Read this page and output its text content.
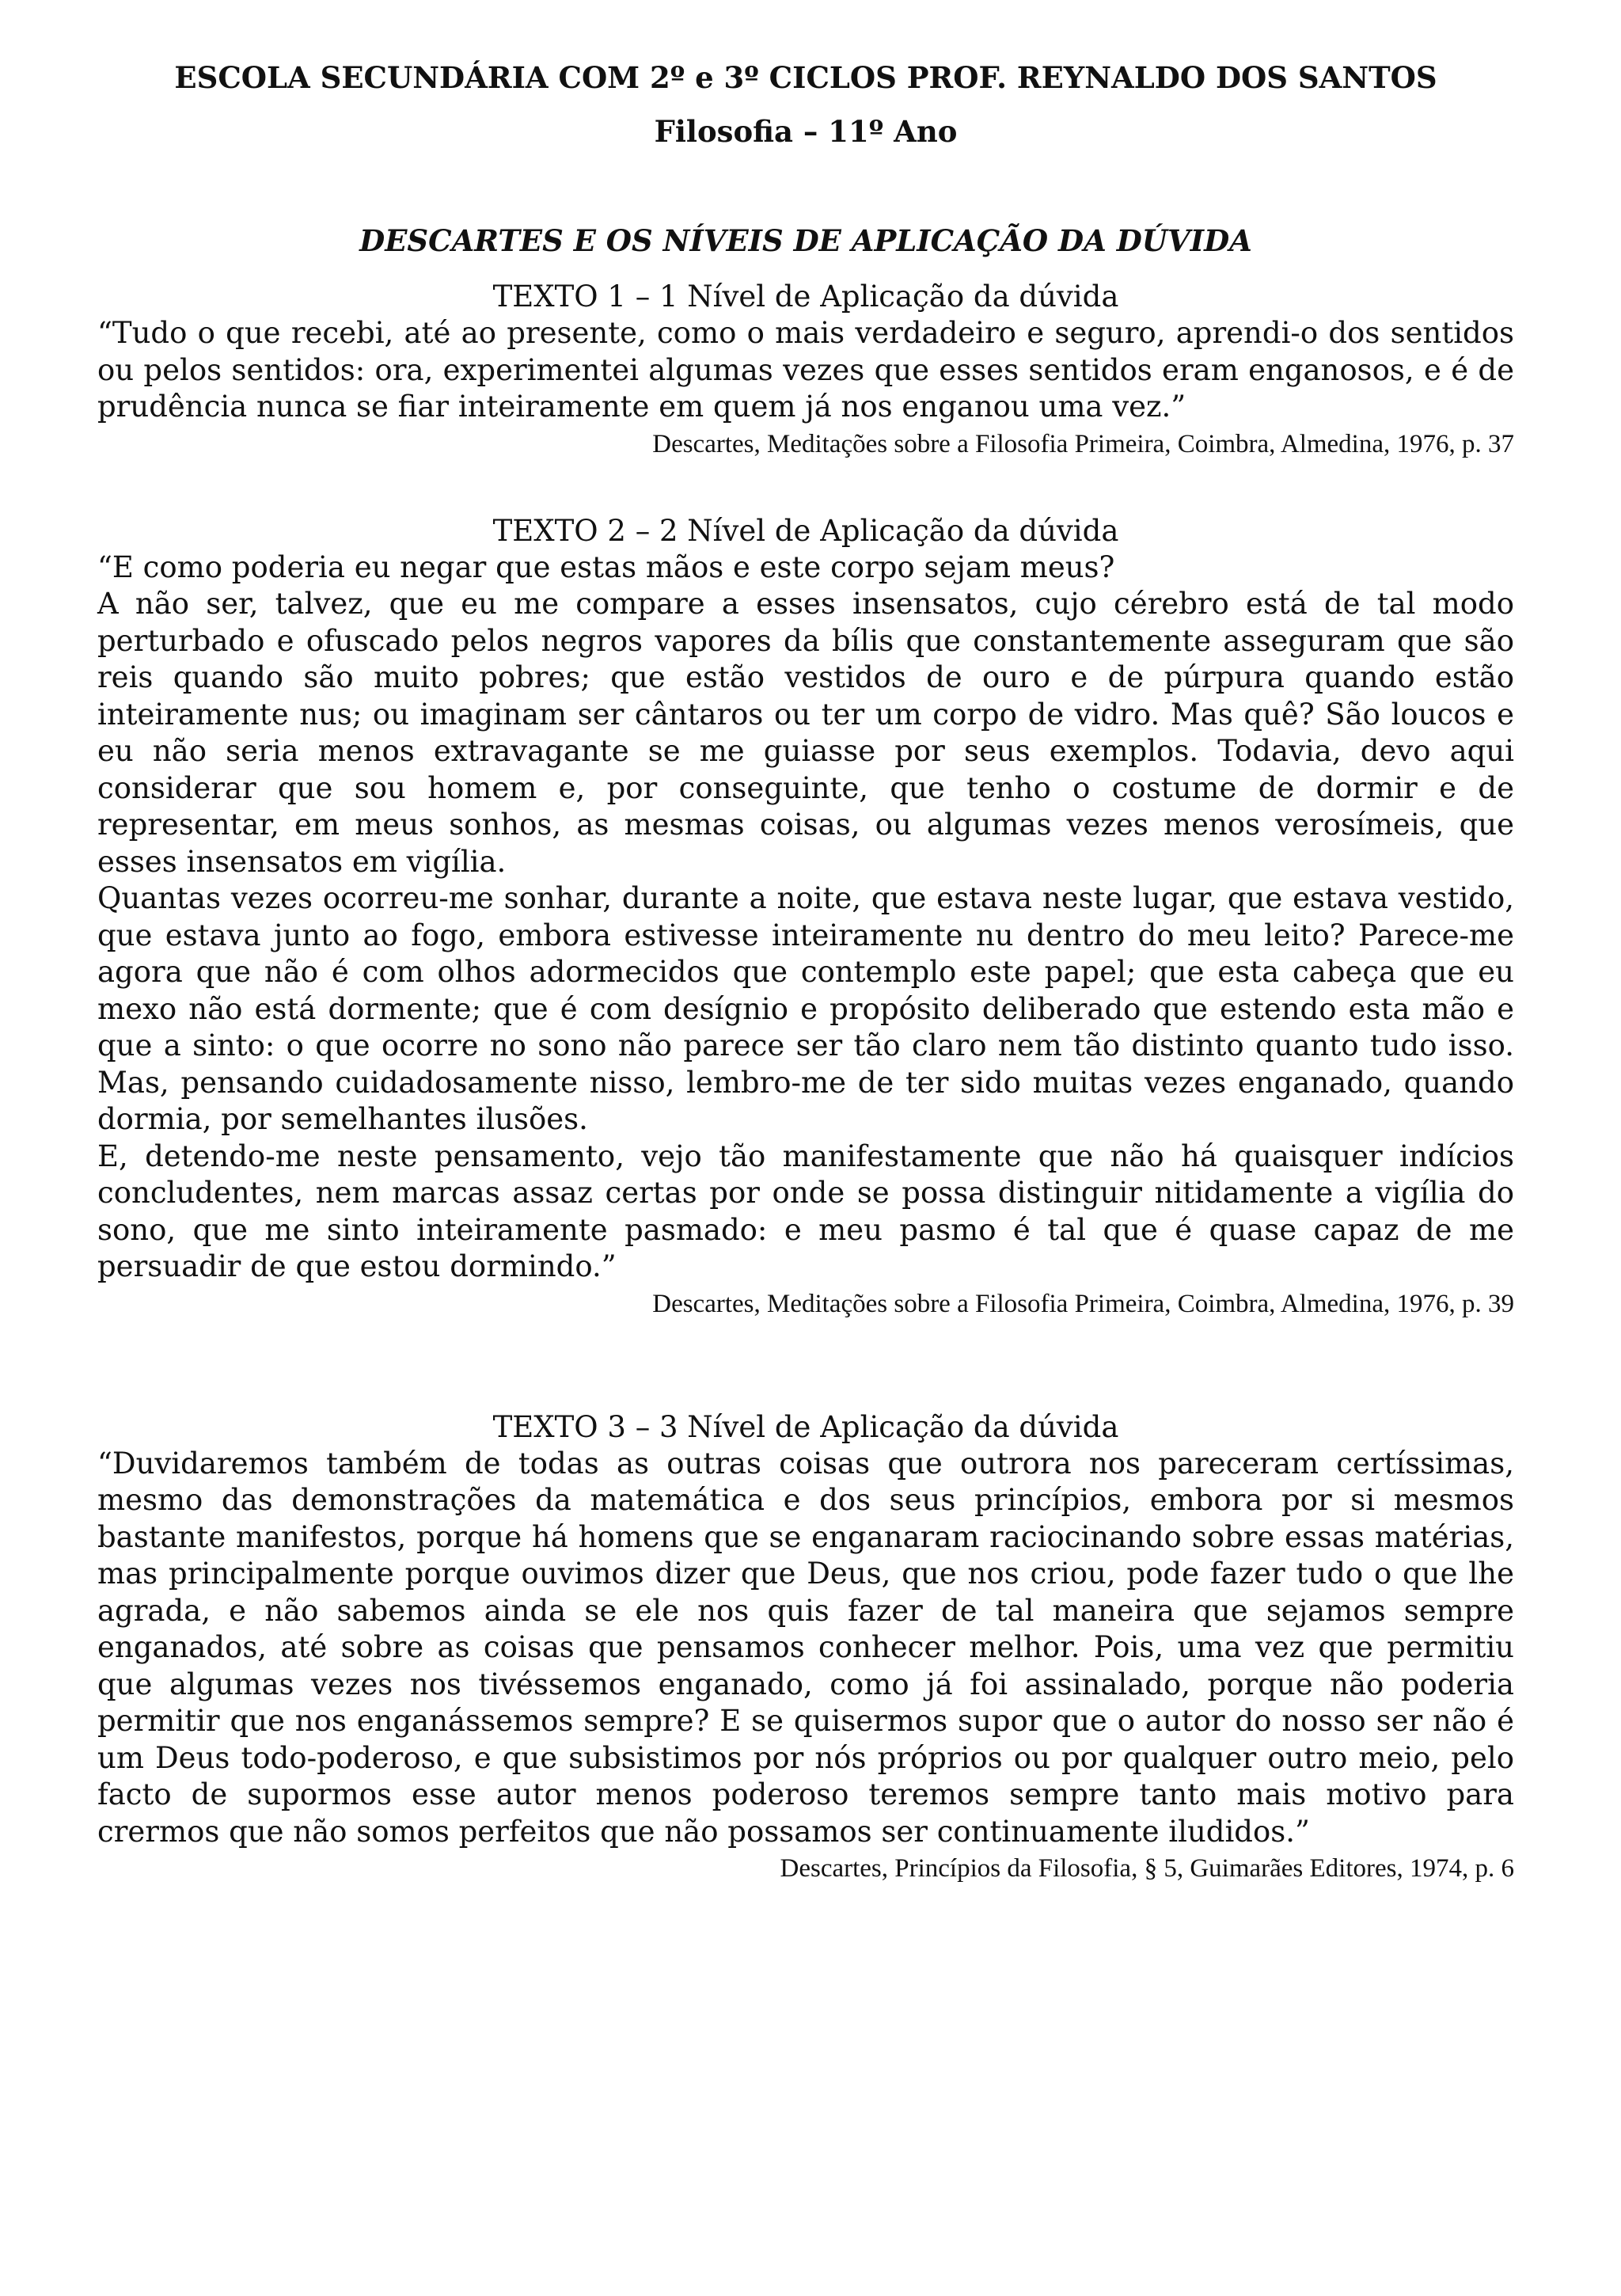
ESCOLA SECUNDÁRIA COM 2º e 3º CICLOS PROF. REYNALDO DOS SANTOS

Filosofia – 11º Ano

DESCARTES E OS NÍVEIS DE APLICAÇÃO DA DÚVIDA

TEXTO 1 – 1 Nível de Aplicação da dúvida

“Tudo o que recebi, até ao presente, como o mais verdadeiro e seguro, aprendi-o dos sentidos ou pelos sentidos: ora, experimentei algumas vezes que esses sentidos eram enganosos, e é de prudência nunca se fiar inteiramente em quem já nos enganou uma vez.”

Descartes, Meditações sobre a Filosofia Primeira, Coimbra, Almedina, 1976, p. 37

TEXTO 2 – 2 Nível de Aplicação da dúvida

“E como poderia eu negar que estas mãos e este corpo sejam meus?

A não ser, talvez, que eu me compare a esses insensatos, cujo cérebro está de tal modo perturbado e ofuscado pelos negros vapores da bílis que constantemente asseguram que são reis quando são muito pobres; que estão vestidos de ouro e de púrpura quando estão inteiramente nus; ou imaginam ser cântaros ou ter um corpo de vidro. Mas quê? São loucos e eu não seria menos extravagante se me guiasse por seus exemplos. Todavia, devo aqui considerar que sou homem e, por conseguinte, que tenho o costume de dormir e de representar, em meus sonhos, as mesmas coisas, ou algumas vezes menos verosímeis, que esses insensatos em vigília.

Quantas vezes ocorreu-me sonhar, durante a noite, que estava neste lugar, que estava vestido, que estava junto ao fogo, embora estivesse inteiramente nu dentro do meu leito? Parece-me agora que não é com olhos adormecidos que contemplo este papel; que esta cabeça que eu mexo não está dormente; que é com desígnio e propósito deliberado que estendo esta mão e que a sinto: o que ocorre no sono não parece ser tão claro nem tão distinto quanto tudo isso. Mas, pensando cuidadosamente nisso, lembro-me de ter sido muitas vezes enganado, quando dormia, por semelhantes ilusões.

E, detendo-me neste pensamento, vejo tão manifestamente que não há quaisquer indícios concludentes, nem marcas assaz certas por onde se possa distinguir nitidamente a vigília do sono, que me sinto inteiramente pasmado: e meu pasmo é tal que é quase capaz de me persuadir de que estou dormindo.”

Descartes, Meditações sobre a Filosofia Primeira, Coimbra, Almedina, 1976, p. 39

TEXTO 3 – 3 Nível de Aplicação da dúvida

“Duvidaremos também de todas as outras coisas que outrora nos pareceram certíssimas, mesmo das demonstrações da matemática e dos seus princípios, embora por si mesmos bastante manifestos, porque há homens que se enganaram raciocinando sobre essas matérias, mas principalmente porque ouvimos dizer que Deus, que nos criou, pode fazer tudo o que lhe agrada, e não sabemos ainda se ele nos quis fazer de tal maneira que sejamos sempre enganados, até sobre as coisas que pensamos conhecer melhor. Pois, uma vez que permitiu que algumas vezes nos tivéssemos enganado, como já foi assinalado, porque não poderia permitir que nos enganássemos sempre? E se quisermos supor que o autor do nosso ser não é um Deus todo-poderoso, e que subsistimos por nós próprios ou por qualquer outro meio, pelo facto de supormos esse autor menos poderoso teremos sempre tanto mais motivo para crermos que não somos perfeitos que não possamos ser continuamente iludidos.”

Descartes, Princípios da Filosofia, § 5, Guimarães Editores, 1974, p. 6
